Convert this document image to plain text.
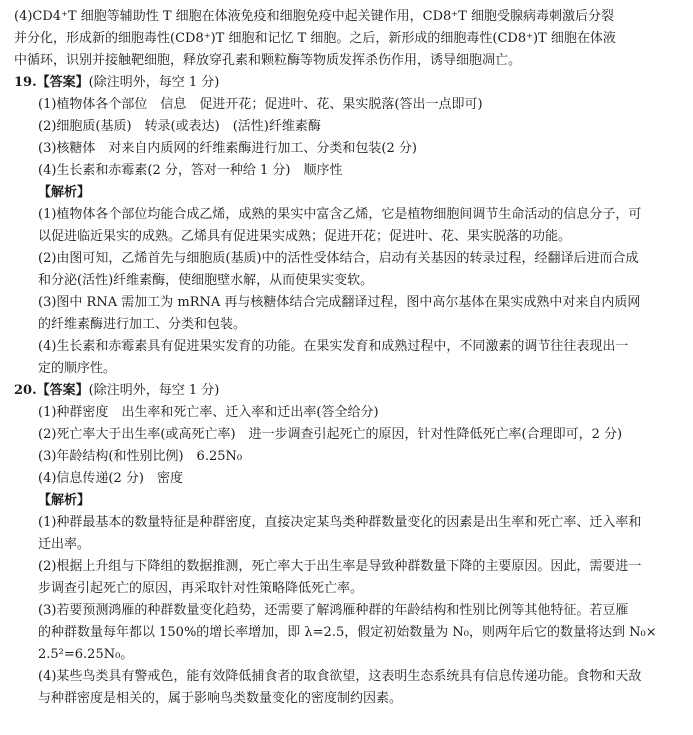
(4)CD4⁺T 细胞等辅助性 T 细胞在体液免疫和细胞免疫中起关键作用，CD8⁺T 细胞受腺病毒刺激后分裂
并分化，形成新的细胞毒性(CD8⁺)T 细胞和记忆 T 细胞。之后，新形成的细胞毒性(CD8⁺)T 细胞在体液
中循环，识别并接触靶细胞，释放穿孔素和颗粒酶等物质发挥杀伤作用，诱导细胞凋亡。
19.【答案】(除注明外，每空 1 分)
(1)植物体各个部位　信息　促进开花；促进叶、花、果实脱落(答出一点即可)
(2)细胞质(基质)　转录(或表达)　(活性)纤维素酶
(3)核糖体　对来自内质网的纤维素酶进行加工、分类和包装(2 分)
(4)生长素和赤霉素(2 分，答对一种给 1 分)　顺序性
【解析】
(1)植物体各个部位均能合成乙烯，成熟的果实中富含乙烯，它是植物细胞间调节生命活动的信息分子，可
以促进临近果实的成熟。乙烯具有促进果实成熟；促进开花；促进叶、花、果实脱落的功能。
(2)由图可知，乙烯首先与细胞质(基质)中的活性受体结合，启动有关基因的转录过程，经翻译后进而合成
和分泌(活性)纤维素酶，使细胞壁水解，从而使果实变软。
(3)图中 RNA 需加工为 mRNA 再与核糖体结合完成翻译过程，图中高尔基体在果实成熟中对来自内质网
的纤维素酶进行加工、分类和包装。
(4)生长素和赤霉素具有促进果实发育的功能。在果实发育和成熟过程中，不同激素的调节往往表现出一
定的顺序性。
20.【答案】(除注明外，每空 1 分)
(1)种群密度　出生率和死亡率、迁入率和迁出率(答全给分)
(2)死亡率大于出生率(或高死亡率)　进一步调查引起死亡的原因，针对性降低死亡率(合理即可，2 分)
(3)年龄结构(和性别比例)　6.25N₀
(4)信息传递(2 分)　密度
【解析】
(1)种群最基本的数量特征是种群密度，直接决定某鸟类种群数量变化的因素是出生率和死亡率、迁入率和
迁出率。
(2)根据上升组与下降组的数据推测，死亡率大于出生率是导致种群数量下降的主要原因。因此，需要进一
步调查引起死亡的原因，再采取针对性策略降低死亡率。
(3)若要预测鸿雁的种群数量变化趋势，还需要了解鸿雁种群的年龄结构和性别比例等其他特征。若豆雁
的种群数量每年都以 150%的增长率增加，即 λ=2.5，假定初始数量为 N₀，则两年后它的数量将达到 N₀×
2.5²=6.25N₀。
(4)某些鸟类具有警戒色，能有效降低捕食者的取食欲望，这表明生态系统具有信息传递功能。食物和天敌
与种群密度是相关的，属于影响鸟类数量变化的密度制约因素。
